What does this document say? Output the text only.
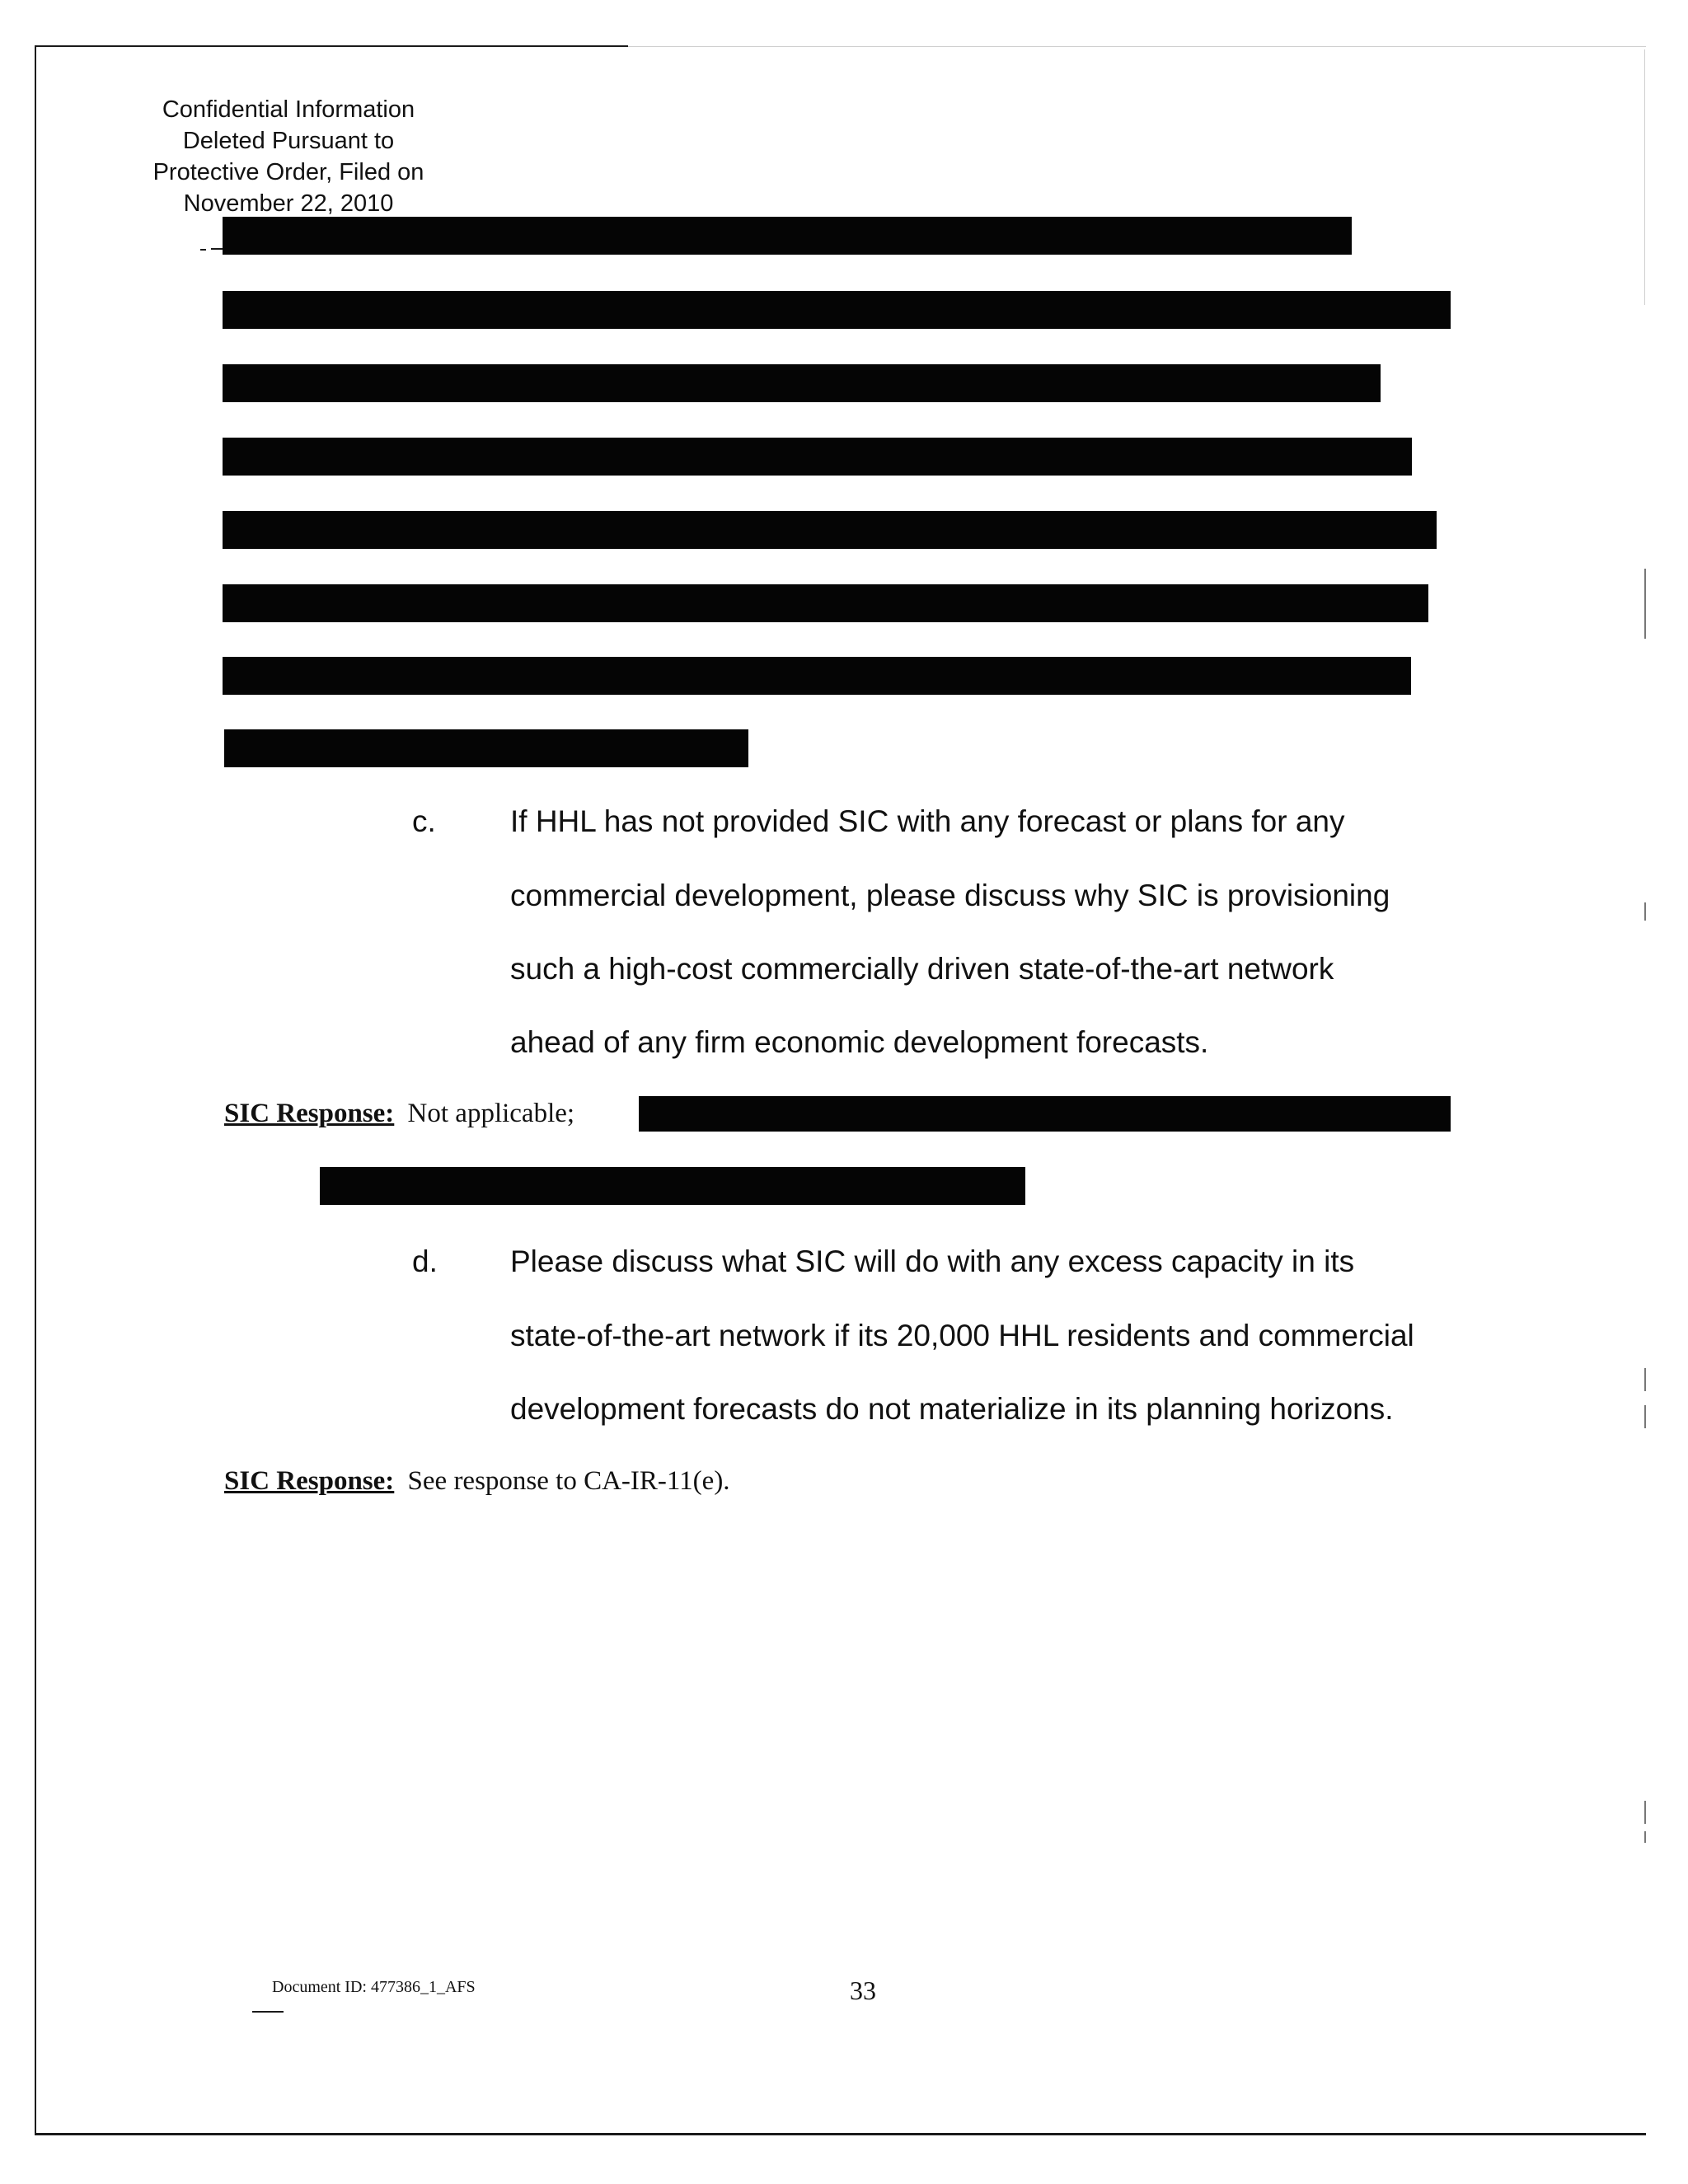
Confidential Information
Deleted Pursuant to
Protective Order, Filed on
November 22, 2010
c. If HHL has not provided SIC with any forecast or plans for any
commercial development, please discuss why SIC is provisioning
such a high-cost commercially driven state-of-the-art network
ahead of any firm economic development forecasts.
SIC Response: Not applicable;
d. Please discuss what SIC will do with any excess capacity in its
state-of-the-art network if its 20,000 HHL residents and commercial
development forecasts do not materialize in its planning horizons.
SIC Response: See response to CA-IR-11(e).
Document ID: 477386_1_AFS	33
